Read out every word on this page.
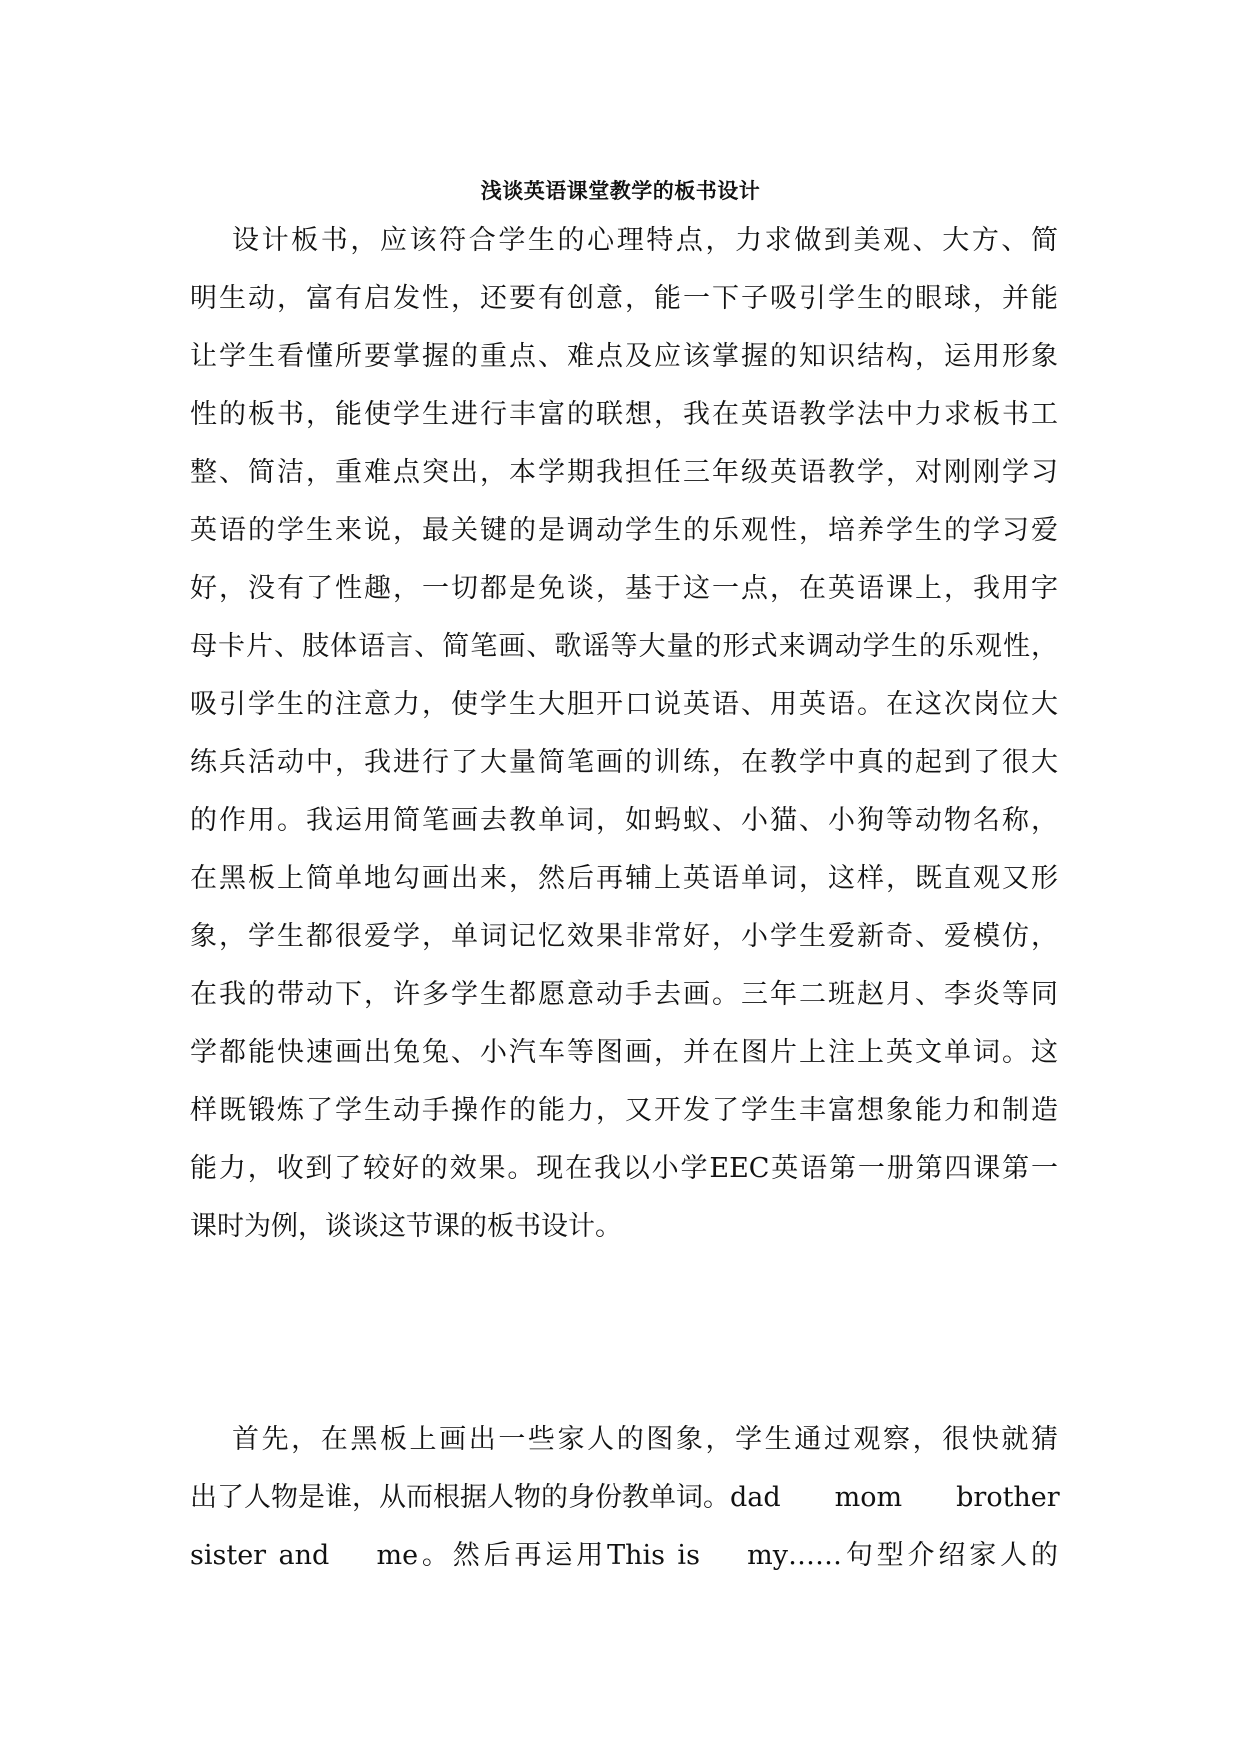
浅谈英语课堂教学的板书设计
设计板书，应该符合学生的心理特点，力求做到美观、大方、简
明生动，富有启发性，还要有创意，能一下子吸引学生的眼球，并能
让学生看懂所要掌握的重点、难点及应该掌握的知识结构，运用形象
性的板书，能使学生进行丰富的联想，我在英语教学法中力求板书工
整、简洁，重难点突出，本学期我担任三年级英语教学，对刚刚学习
英语的学生来说，最关键的是调动学生的乐观性，培养学生的学习爱
好，没有了性趣，一切都是免谈，基于这一点，在英语课上，我用字
母卡片、肢体语言、简笔画、歌谣等大量的形式来调动学生的乐观性，
吸引学生的注意力，使学生大胆开口说英语、用英语。在这次岗位大
练兵活动中，我进行了大量简笔画的训练，在教学中真的起到了很大
的作用。我运用简笔画去教单词，如蚂蚁、小猫、小狗等动物名称，
在黑板上简单地勾画出来，然后再辅上英语单词，这样，既直观又形
象，学生都很爱学，单词记忆效果非常好，小学生爱新奇、爱模仿，
在我的带动下，许多学生都愿意动手去画。三年二班赵月、李炎等同
学都能快速画出兔兔、小汽车等图画，并在图片上注上英文单词。这
样既锻炼了学生动手操作的能力，又开发了学生丰富想象能力和制造
能力，收到了较好的效果。现在我以小学EEC英语第一册第四课第一
课时为例，谈谈这节课的板书设计。
首先，在黑板上画出一些家人的图象，学生通过观察，很快就猜
出了人物是谁，从而根据人物的身份教单词。dad　　mom　　brother
sister and　 me。然后再运用This is　 my……句型介绍家人的
